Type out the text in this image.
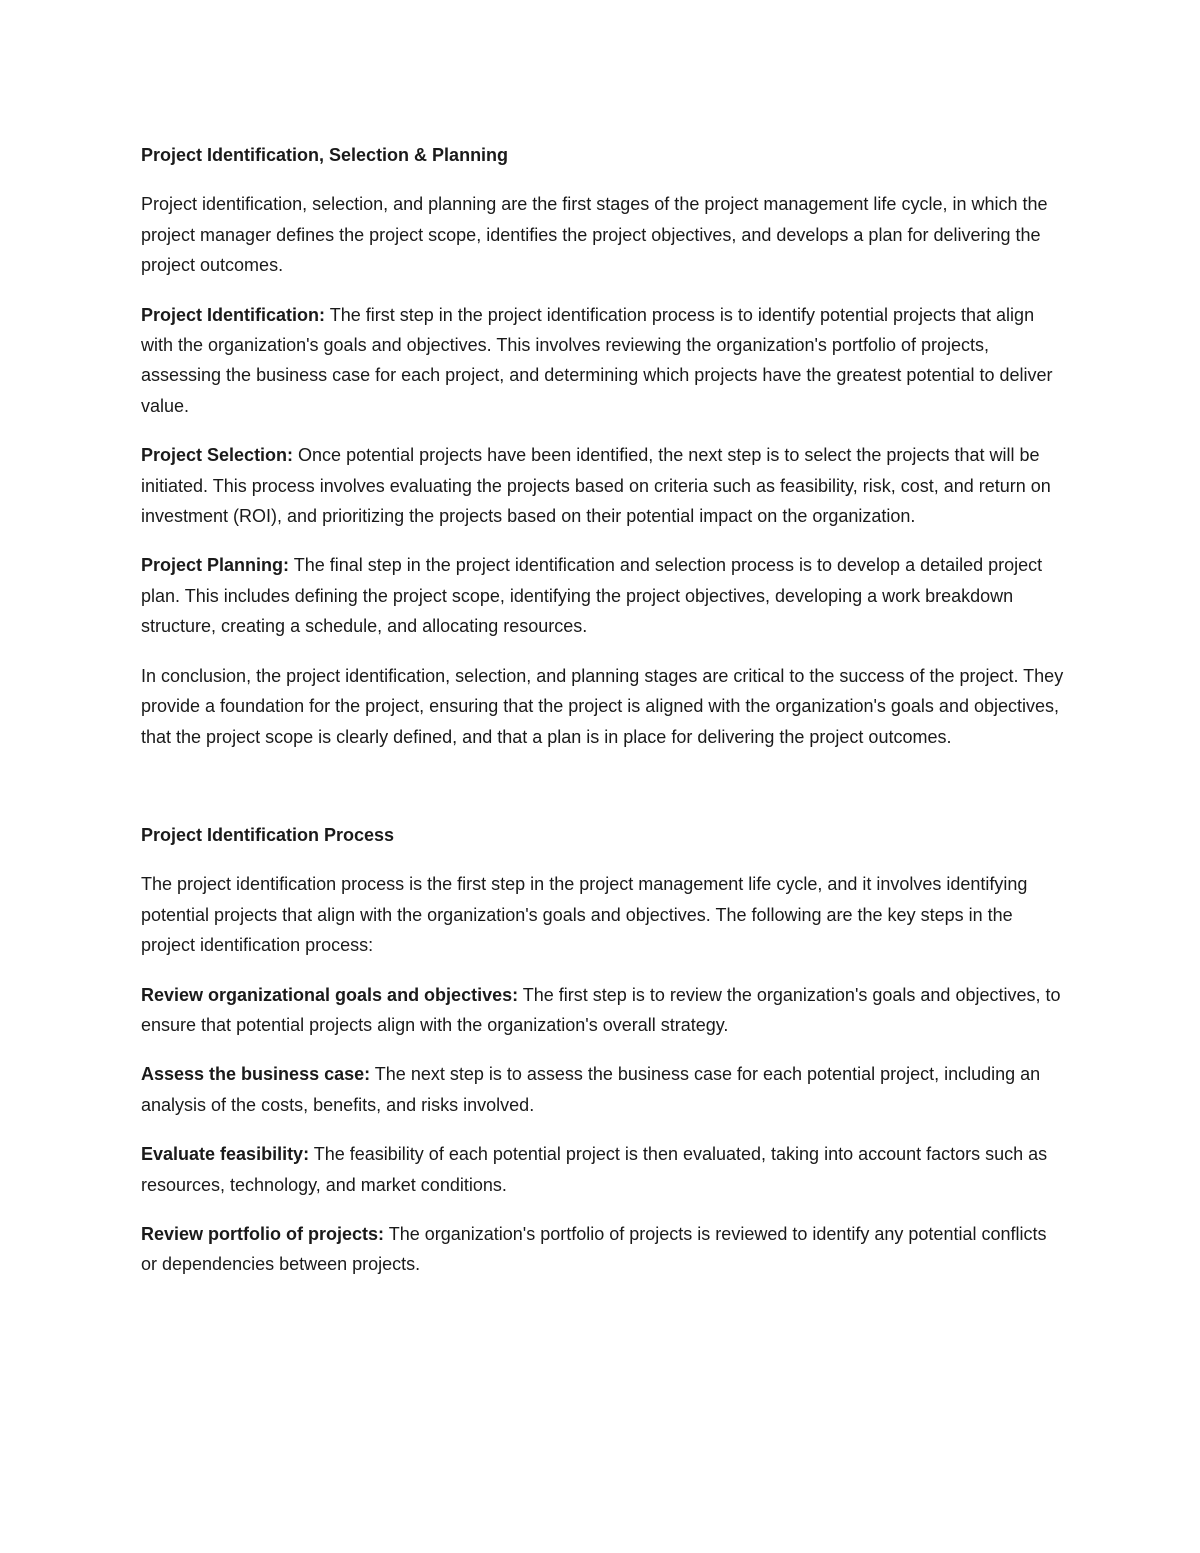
Project Identification, Selection & Planning

Project identification, selection, and planning are the first stages of the project management life cycle, in which the project manager defines the project scope, identifies the project objectives, and develops a plan for delivering the project outcomes.

Project Identification: The first step in the project identification process is to identify potential projects that align with the organization's goals and objectives. This involves reviewing the organization's portfolio of projects, assessing the business case for each project, and determining which projects have the greatest potential to deliver value.

Project Selection: Once potential projects have been identified, the next step is to select the projects that will be initiated. This process involves evaluating the projects based on criteria such as feasibility, risk, cost, and return on investment (ROI), and prioritizing the projects based on their potential impact on the organization.

Project Planning: The final step in the project identification and selection process is to develop a detailed project plan. This includes defining the project scope, identifying the project objectives, developing a work breakdown structure, creating a schedule, and allocating resources.

In conclusion, the project identification, selection, and planning stages are critical to the success of the project. They provide a foundation for the project, ensuring that the project is aligned with the organization's goals and objectives, that the project scope is clearly defined, and that a plan is in place for delivering the project outcomes.

Project Identification Process

The project identification process is the first step in the project management life cycle, and it involves identifying potential projects that align with the organization's goals and objectives. The following are the key steps in the project identification process:

Review organizational goals and objectives: The first step is to review the organization's goals and objectives, to ensure that potential projects align with the organization's overall strategy.

Assess the business case: The next step is to assess the business case for each potential project, including an analysis of the costs, benefits, and risks involved.

Evaluate feasibility: The feasibility of each potential project is then evaluated, taking into account factors such as resources, technology, and market conditions.

Review portfolio of projects: The organization's portfolio of projects is reviewed to identify any potential conflicts or dependencies between projects.
